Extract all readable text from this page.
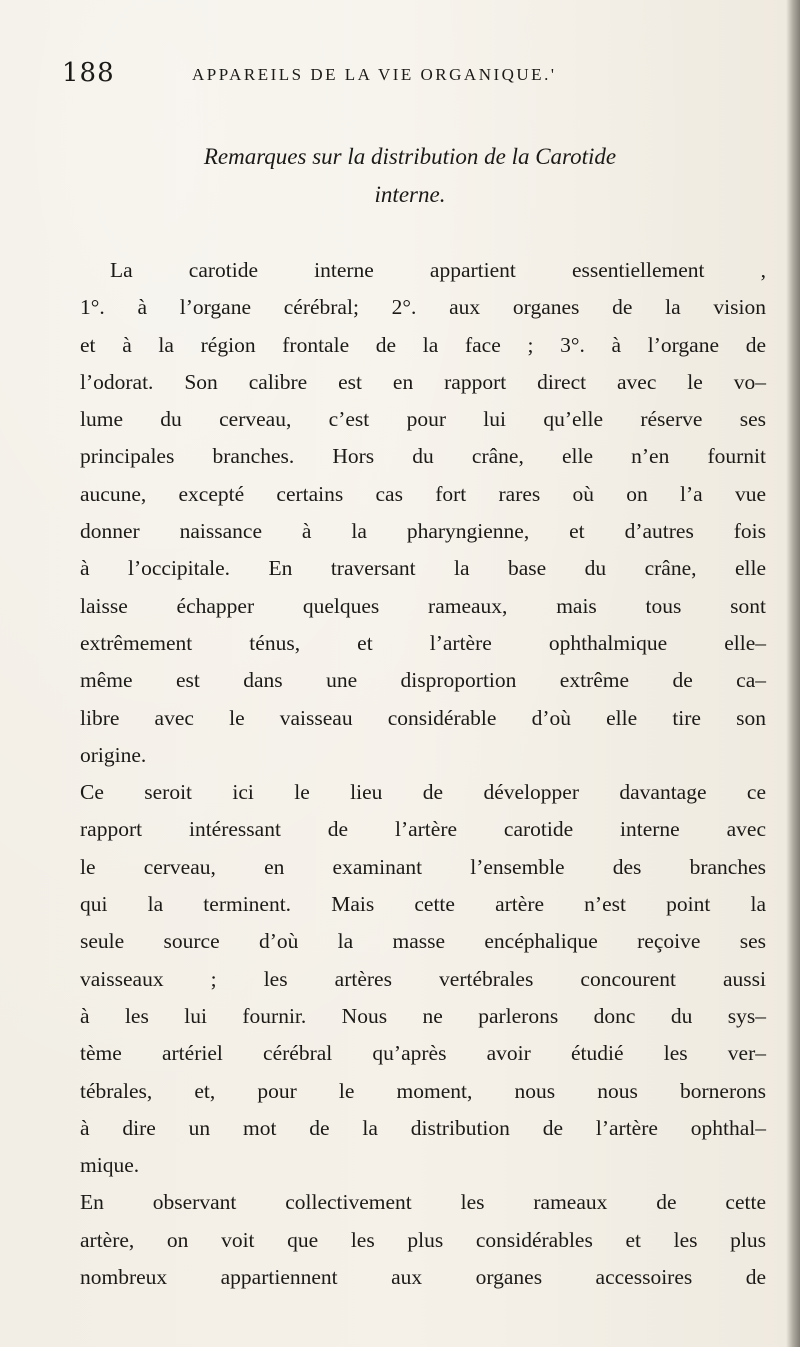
188	APPAREILS DE LA VIE ORGANIQUE.'
Remarques sur la distribution de la Carotide
interne.
La carotide interne appartient essentiellement ,
1°. à l’organe cérébral; 2°. aux organes de la vision
et à la région frontale de la face ; 3°. à l’organe de
l’odorat. Son calibre est en rapport direct avec le vo–
lume du cerveau, c’est pour lui qu’elle réserve ses
principales branches. Hors du crâne, elle n’en fournit
aucune, excepté certains cas fort rares où on l’a vue
donner naissance à la pharyngienne, et d’autres fois
à l’occipitale. En traversant la base du crâne, elle
laisse échapper quelques rameaux, mais tous sont
extrêmement ténus, et l’artère ophthalmique elle–
même est dans une disproportion extrême de ca–
libre avec le vaisseau considérable d’où elle tire son
origine.
Ce seroit ici le lieu de développer davantage ce
rapport intéressant de l’artère carotide interne avec
le cerveau, en examinant l’ensemble des branches
qui la terminent. Mais cette artère n’est point la
seule source d’où la masse encéphalique reçoive ses
vaisseaux ; les artères vertébrales concourent aussi
à les lui fournir. Nous ne parlerons donc du sys–
tème artériel cérébral qu’après avoir étudié les ver–
tébrales, et, pour le moment, nous nous bornerons
à dire un mot de la distribution de l’artère ophthal–
mique.
En observant collectivement les rameaux de cette
artère, on voit que les plus considérables et les plus
nombreux appartiennent aux organes accessoires de
